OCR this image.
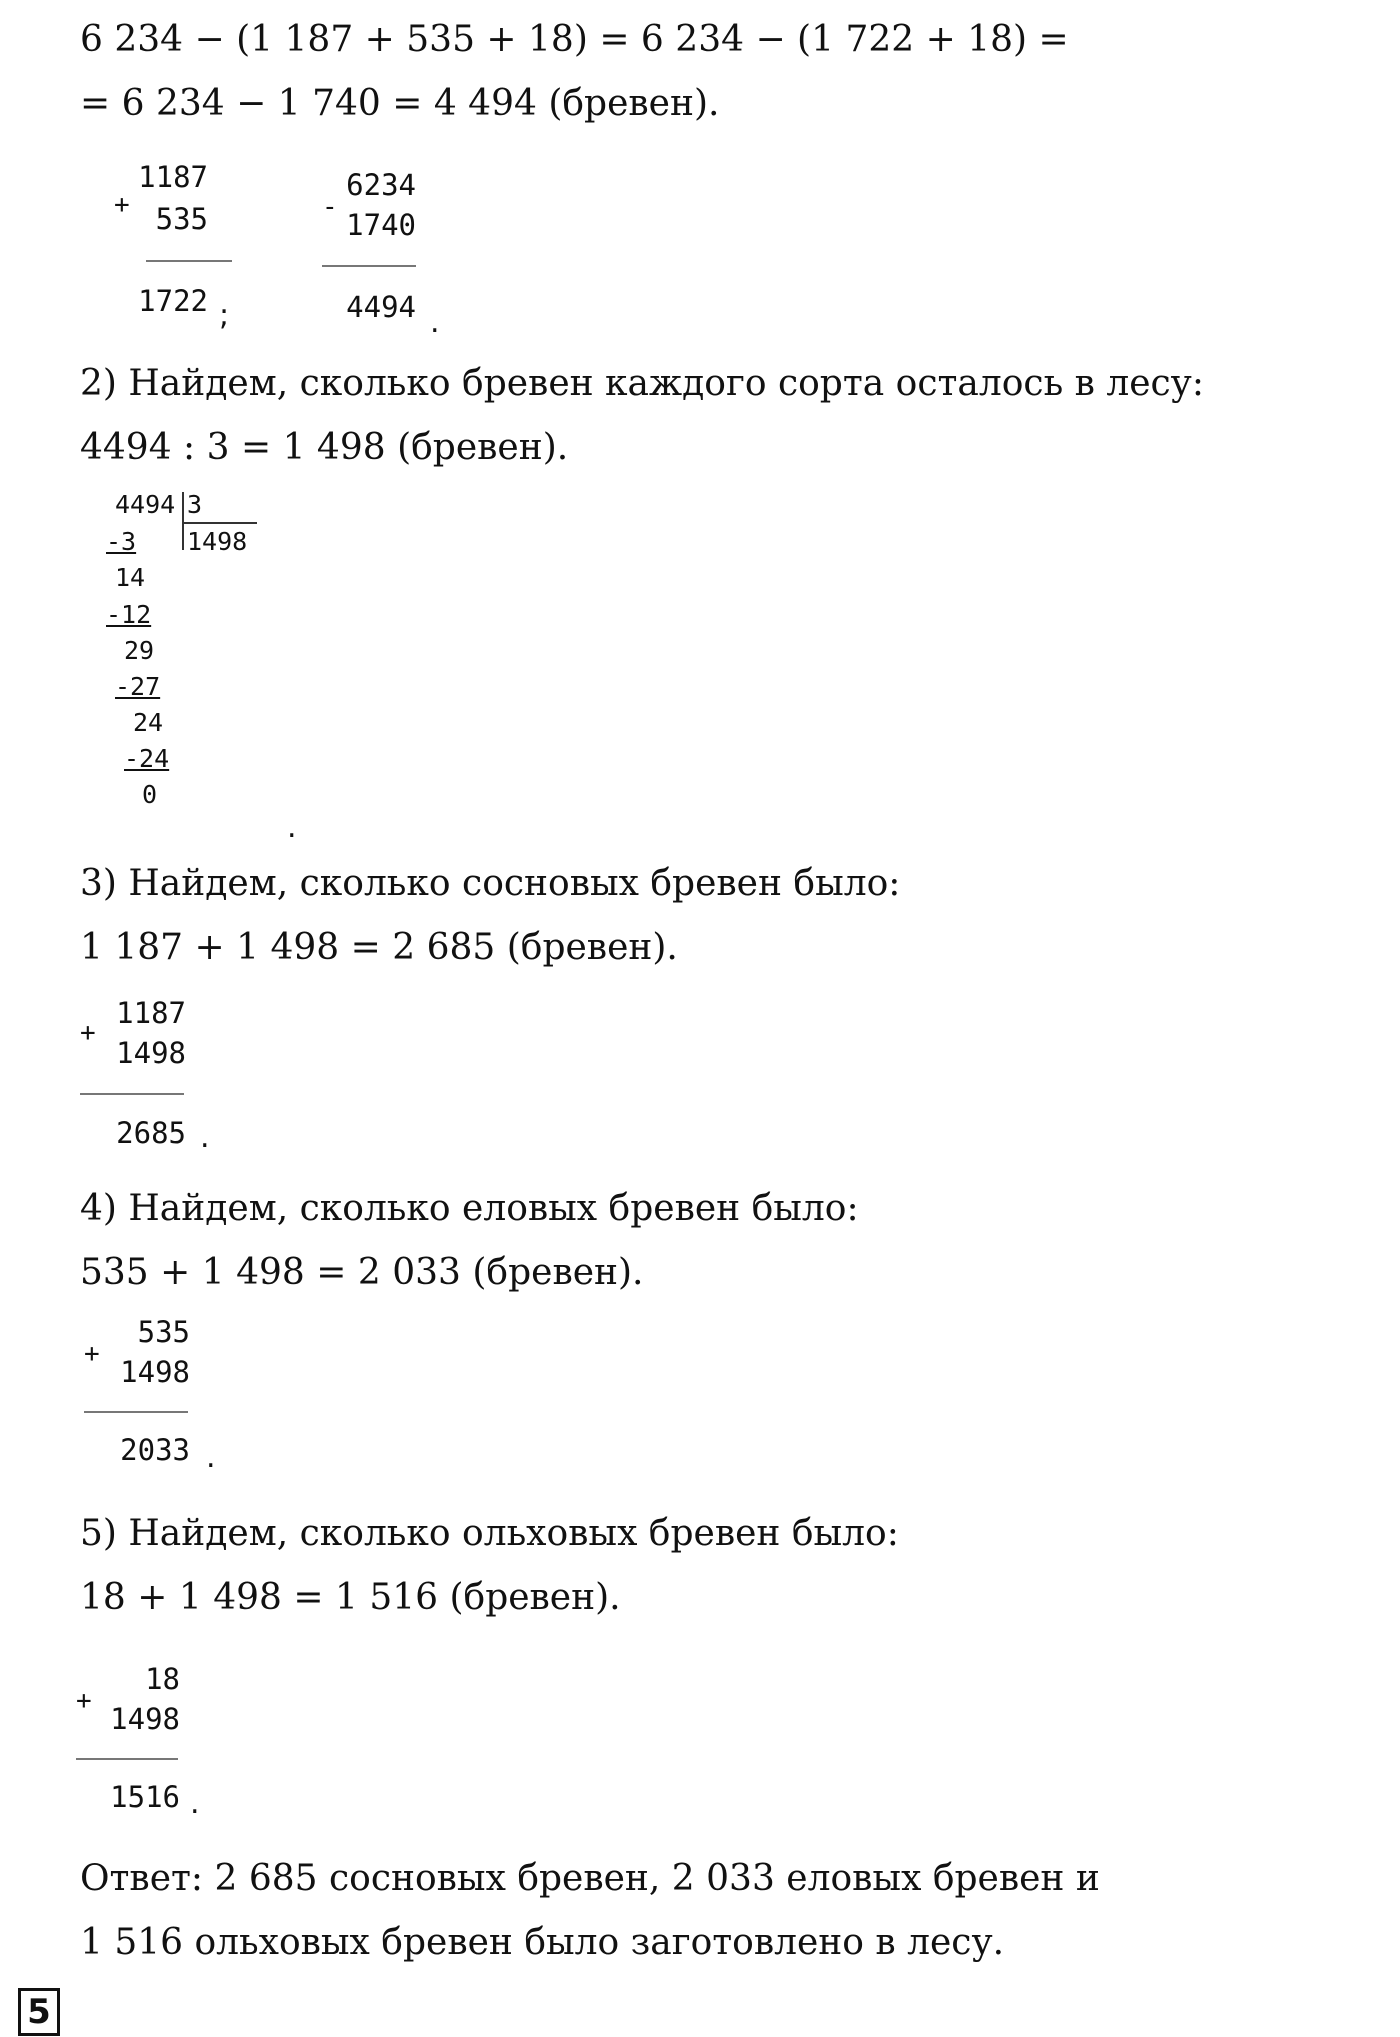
6 234 − (1 187 + 535 + 18) = 6 234 − (1 722 + 18) =
= 6 234 − 1 740 = 4 494 (бревен).
+
1187
535
1722 ;
-
6234
1740
4494 .
2) Найдем, сколько бревен каждого сорта осталось в лесу:
4494 : 3 = 1 498 (бревен).
4494 3
1498
-3
14
-12
29
-27
24
-24
0
.
3) Найдем, сколько сосновых бревен было:
1 187 + 1 498 = 2 685 (бревен).
+
1187
1498
2685 .
4) Найдем, сколько еловых бревен было:
535 + 1 498 = 2 033 (бревен).
+
535
1498
2033 .
5) Найдем, сколько ольховых бревен было:
18 + 1 498 = 1 516 (бревен).
+
18
1498
1516 .
Ответ: 2 685 сосновых бревен, 2 033 еловых бревен и
1 516 ольховых бревен было заготовлено в лесу.
5
